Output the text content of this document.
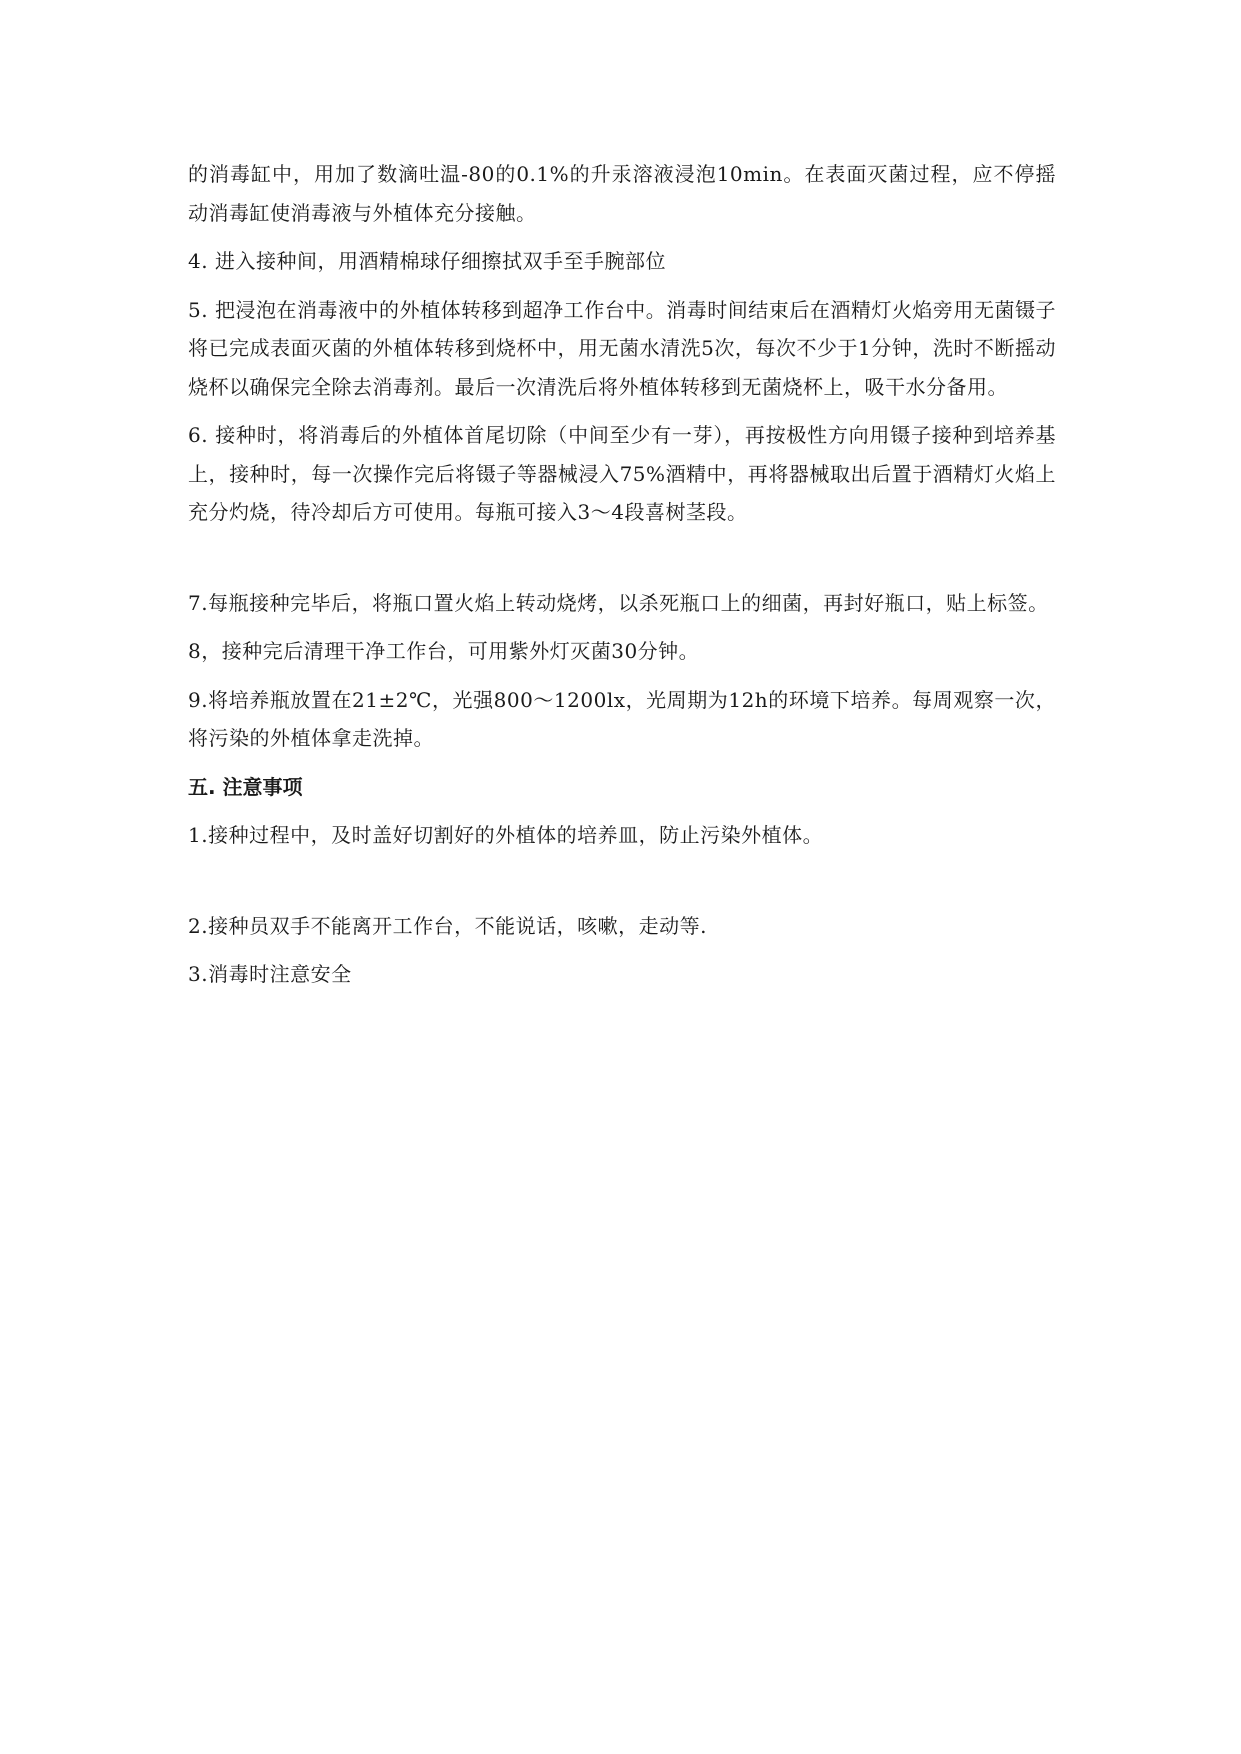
的消毒缸中，用加了数滴吐温-80的0.1%的升汞溶液浸泡10min。在表面灭菌过程，应不停摇动消毒缸使消毒液与外植体充分接触。

4. 进入接种间，用酒精棉球仔细擦拭双手至手腕部位

5. 把浸泡在消毒液中的外植体转移到超净工作台中。消毒时间结束后在酒精灯火焰旁用无菌镊子将已完成表面灭菌的外植体转移到烧杯中，用无菌水清洗5次，每次不少于1分钟，洗时不断摇动烧杯以确保完全除去消毒剂。最后一次清洗后将外植体转移到无菌烧杯上，吸干水分备用。

6. 接种时，将消毒后的外植体首尾切除（中间至少有一芽），再按极性方向用镊子接种到培养基上，接种时，每一次操作完后将镊子等器械浸入75%酒精中，再将器械取出后置于酒精灯火焰上充分灼烧，待冷却后方可使用。每瓶可接入3～4段喜树茎段。

7.每瓶接种完毕后，将瓶口置火焰上转动烧烤，以杀死瓶口上的细菌，再封好瓶口，贴上标签。

8，接种完后清理干净工作台，可用紫外灯灭菌30分钟。

9.将培养瓶放置在21±2℃，光强800～1200lx，光周期为12h的环境下培养。每周观察一次，将污染的外植体拿走洗掉。

五. 注意事项

1.接种过程中，及时盖好切割好的外植体的培养皿，防止污染外植体。

2.接种员双手不能离开工作台，不能说话，咳嗽，走动等.

3.消毒时注意安全
